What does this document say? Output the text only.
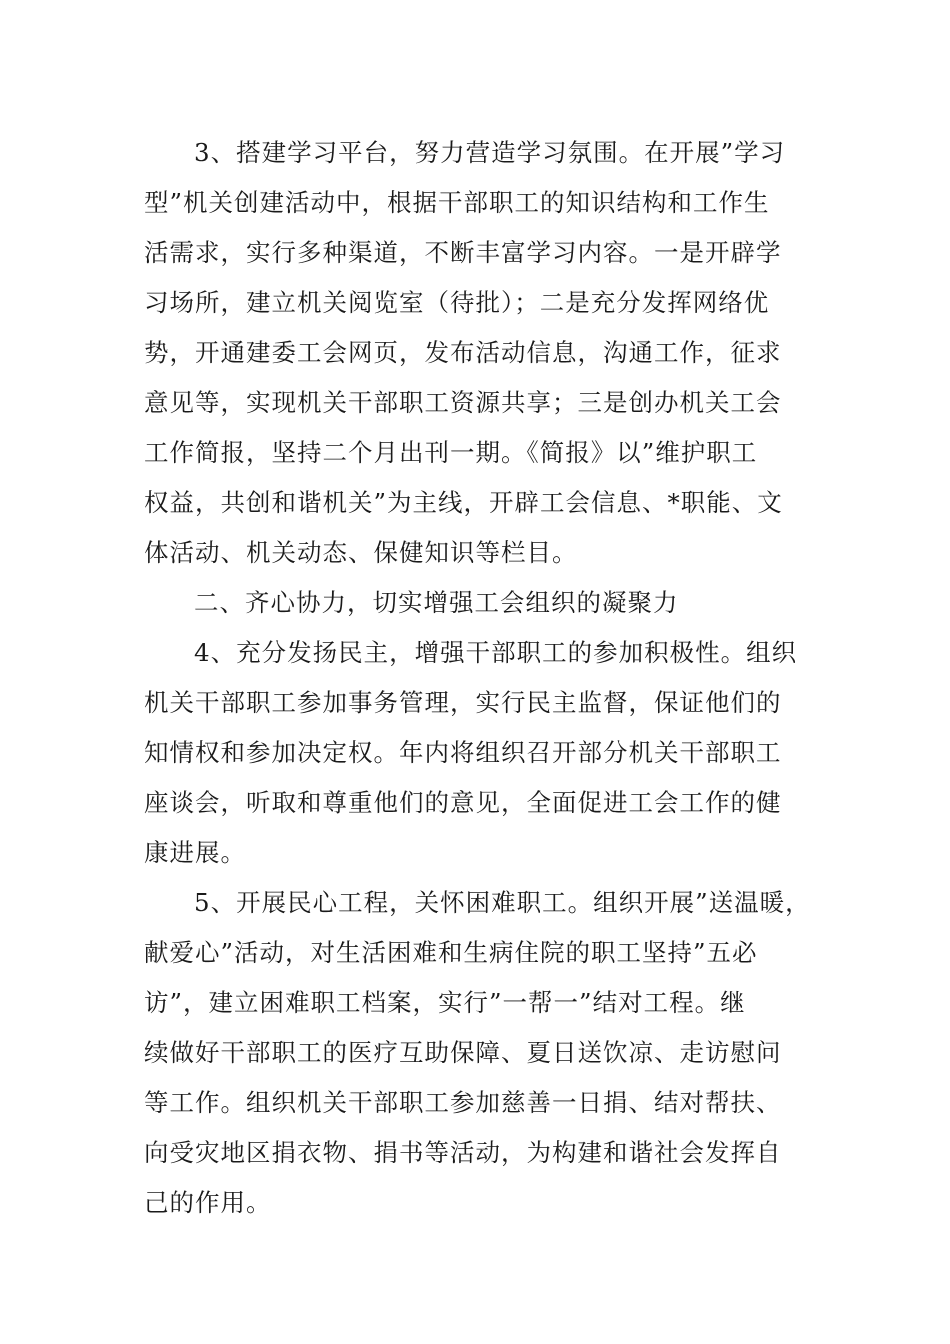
3、搭建学习平台，努力营造学习氛围。在开展”学习
型”机关创建活动中，根据干部职工的知识结构和工作生
活需求，实行多种渠道，不断丰富学习内容。一是开辟学
习场所，建立机关阅览室（待批）；二是充分发挥网络优
势，开通建委工会网页，发布活动信息，沟通工作，征求
意见等，实现机关干部职工资源共享；三是创办机关工会
工作简报，坚持二个月出刊一期。《简报》以”维护职工
权益，共创和谐机关”为主线，开辟工会信息、*职能、文
体活动、机关动态、保健知识等栏目。
二、齐心协力，切实增强工会组织的凝聚力
4、充分发扬民主，增强干部职工的参加积极性。组织
机关干部职工参加事务管理，实行民主监督，保证他们的
知情权和参加决定权。年内将组织召开部分机关干部职工
座谈会，听取和尊重他们的意见，全面促进工会工作的健
康进展。
5、开展民心工程，关怀困难职工。组织开展”送温暖，
献爱心”活动，对生活困难和生病住院的职工坚持”五必
访”，建立困难职工档案，实行”一帮一”结对工程。继
续做好干部职工的医疗互助保障、夏日送饮凉、走访慰问
等工作。组织机关干部职工参加慈善一日捐、结对帮扶、
向受灾地区捐衣物、捐书等活动，为构建和谐社会发挥自
己的作用。
